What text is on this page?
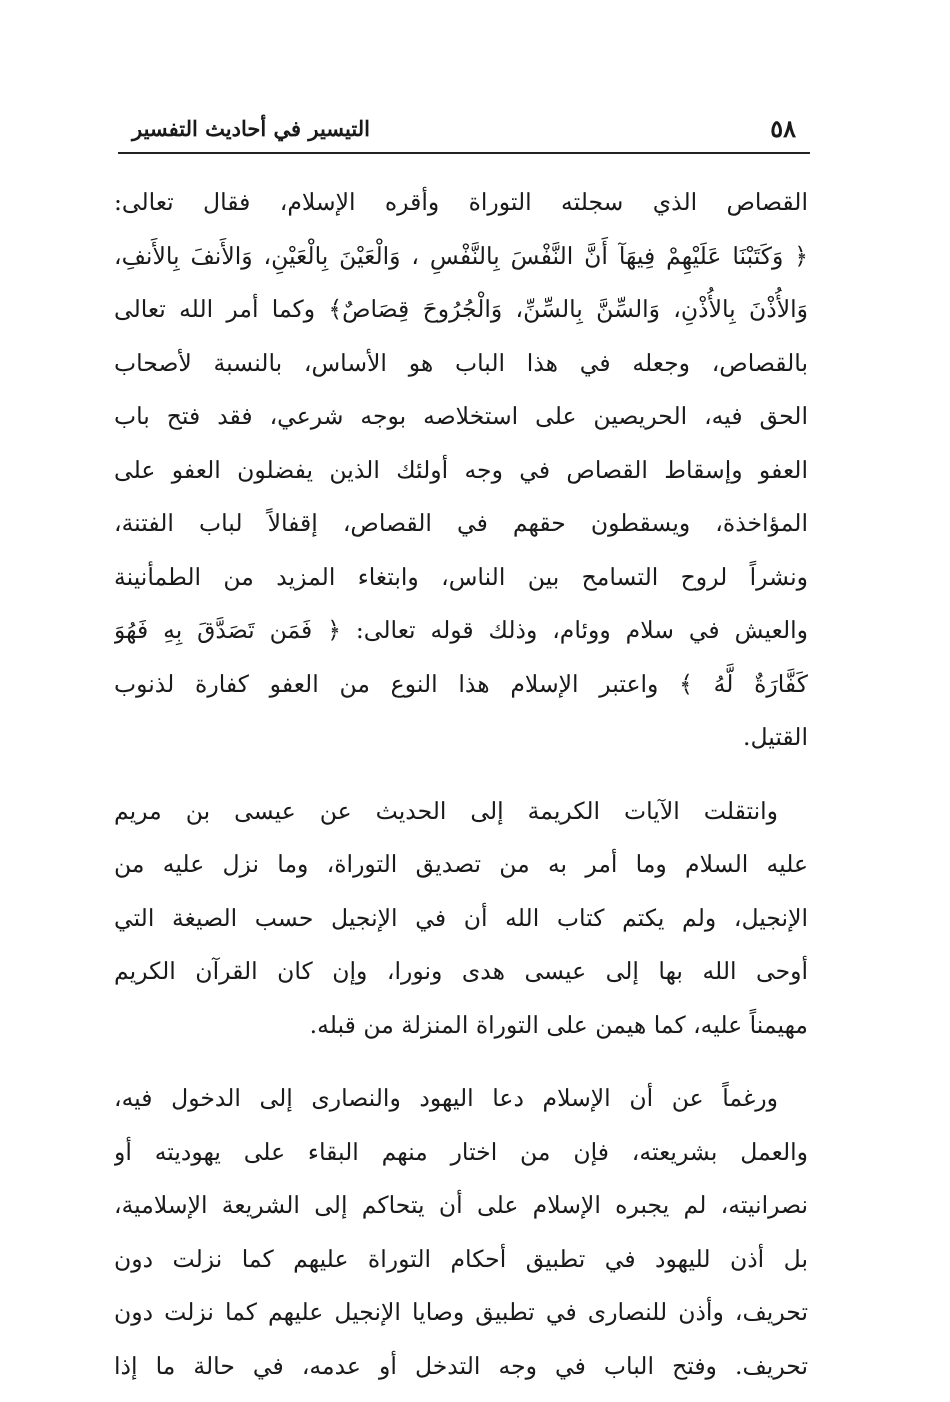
٥٨
التيسير في أحاديث التفسير
القصاص الذي سجلته التوراة وأقره الإسلام، فقال تعالى:
﴿ وَكَتَبْنَا عَلَيْهِمْ فِيهَآ أَنَّ النَّفْسَ بِالنَّفْسِ ، وَالْعَيْنَ بِالْعَيْنِ، وَالأَنفَ بِالأَنفِ،
وَالأُذْنَ بِالأُذْنِ، وَالسِّنَّ بِالسِّنِّ، وَالْجُرُوحَ قِصَاصٌ﴾ وكما أمر الله تعالى
بالقصاص، وجعله في هذا الباب هو الأساس، بالنسبة لأصحاب
الحق فيه، الحريصين على استخلاصه بوجه شرعي، فقد فتح باب
العفو وإسقاط القصاص في وجه أولئك الذين يفضلون العفو على
المؤاخذة، ويسقطون حقهم في القصاص، إقفالاً لباب الفتنة،
ونشراً لروح التسامح بين الناس، وابتغاء المزيد من الطمأنينة
والعيش في سلام ووئام، وذلك قوله تعالى: ﴿ فَمَن تَصَدَّقَ بِهِ فَهُوَ
كَفَّارَةٌ لَّهُ ﴾ واعتبر الإسلام هذا النوع من العفو كفارة لذنوب
القتيل.
وانتقلت الآيات الكريمة إلى الحديث عن عيسى بن مريم
عليه السلام وما أمر به من تصديق التوراة، وما نزل عليه من
الإنجيل، ولم يكتم كتاب الله أن في الإنجيل حسب الصيغة التي
أوحى الله بها إلى عيسى هدى ونورا، وإن كان القرآن الكريم
مهيمناً عليه، كما هيمن على التوراة المنزلة من قبله.
ورغماً عن أن الإسلام دعا اليهود والنصارى إلى الدخول فيه،
والعمل بشريعته، فإن من اختار منهم البقاء على يهوديته أو
نصرانيته، لم يجبره الإسلام على أن يتحاكم إلى الشريعة الإسلامية،
بل أذن لليهود في تطبيق أحكام التوراة عليهم كما نزلت دون
تحريف، وأذن للنصارى في تطبيق وصايا الإنجيل عليهم كما نزلت دون
تحريف. وفتح الباب في وجه التدخل أو عدمه، في حالة ما إذا
